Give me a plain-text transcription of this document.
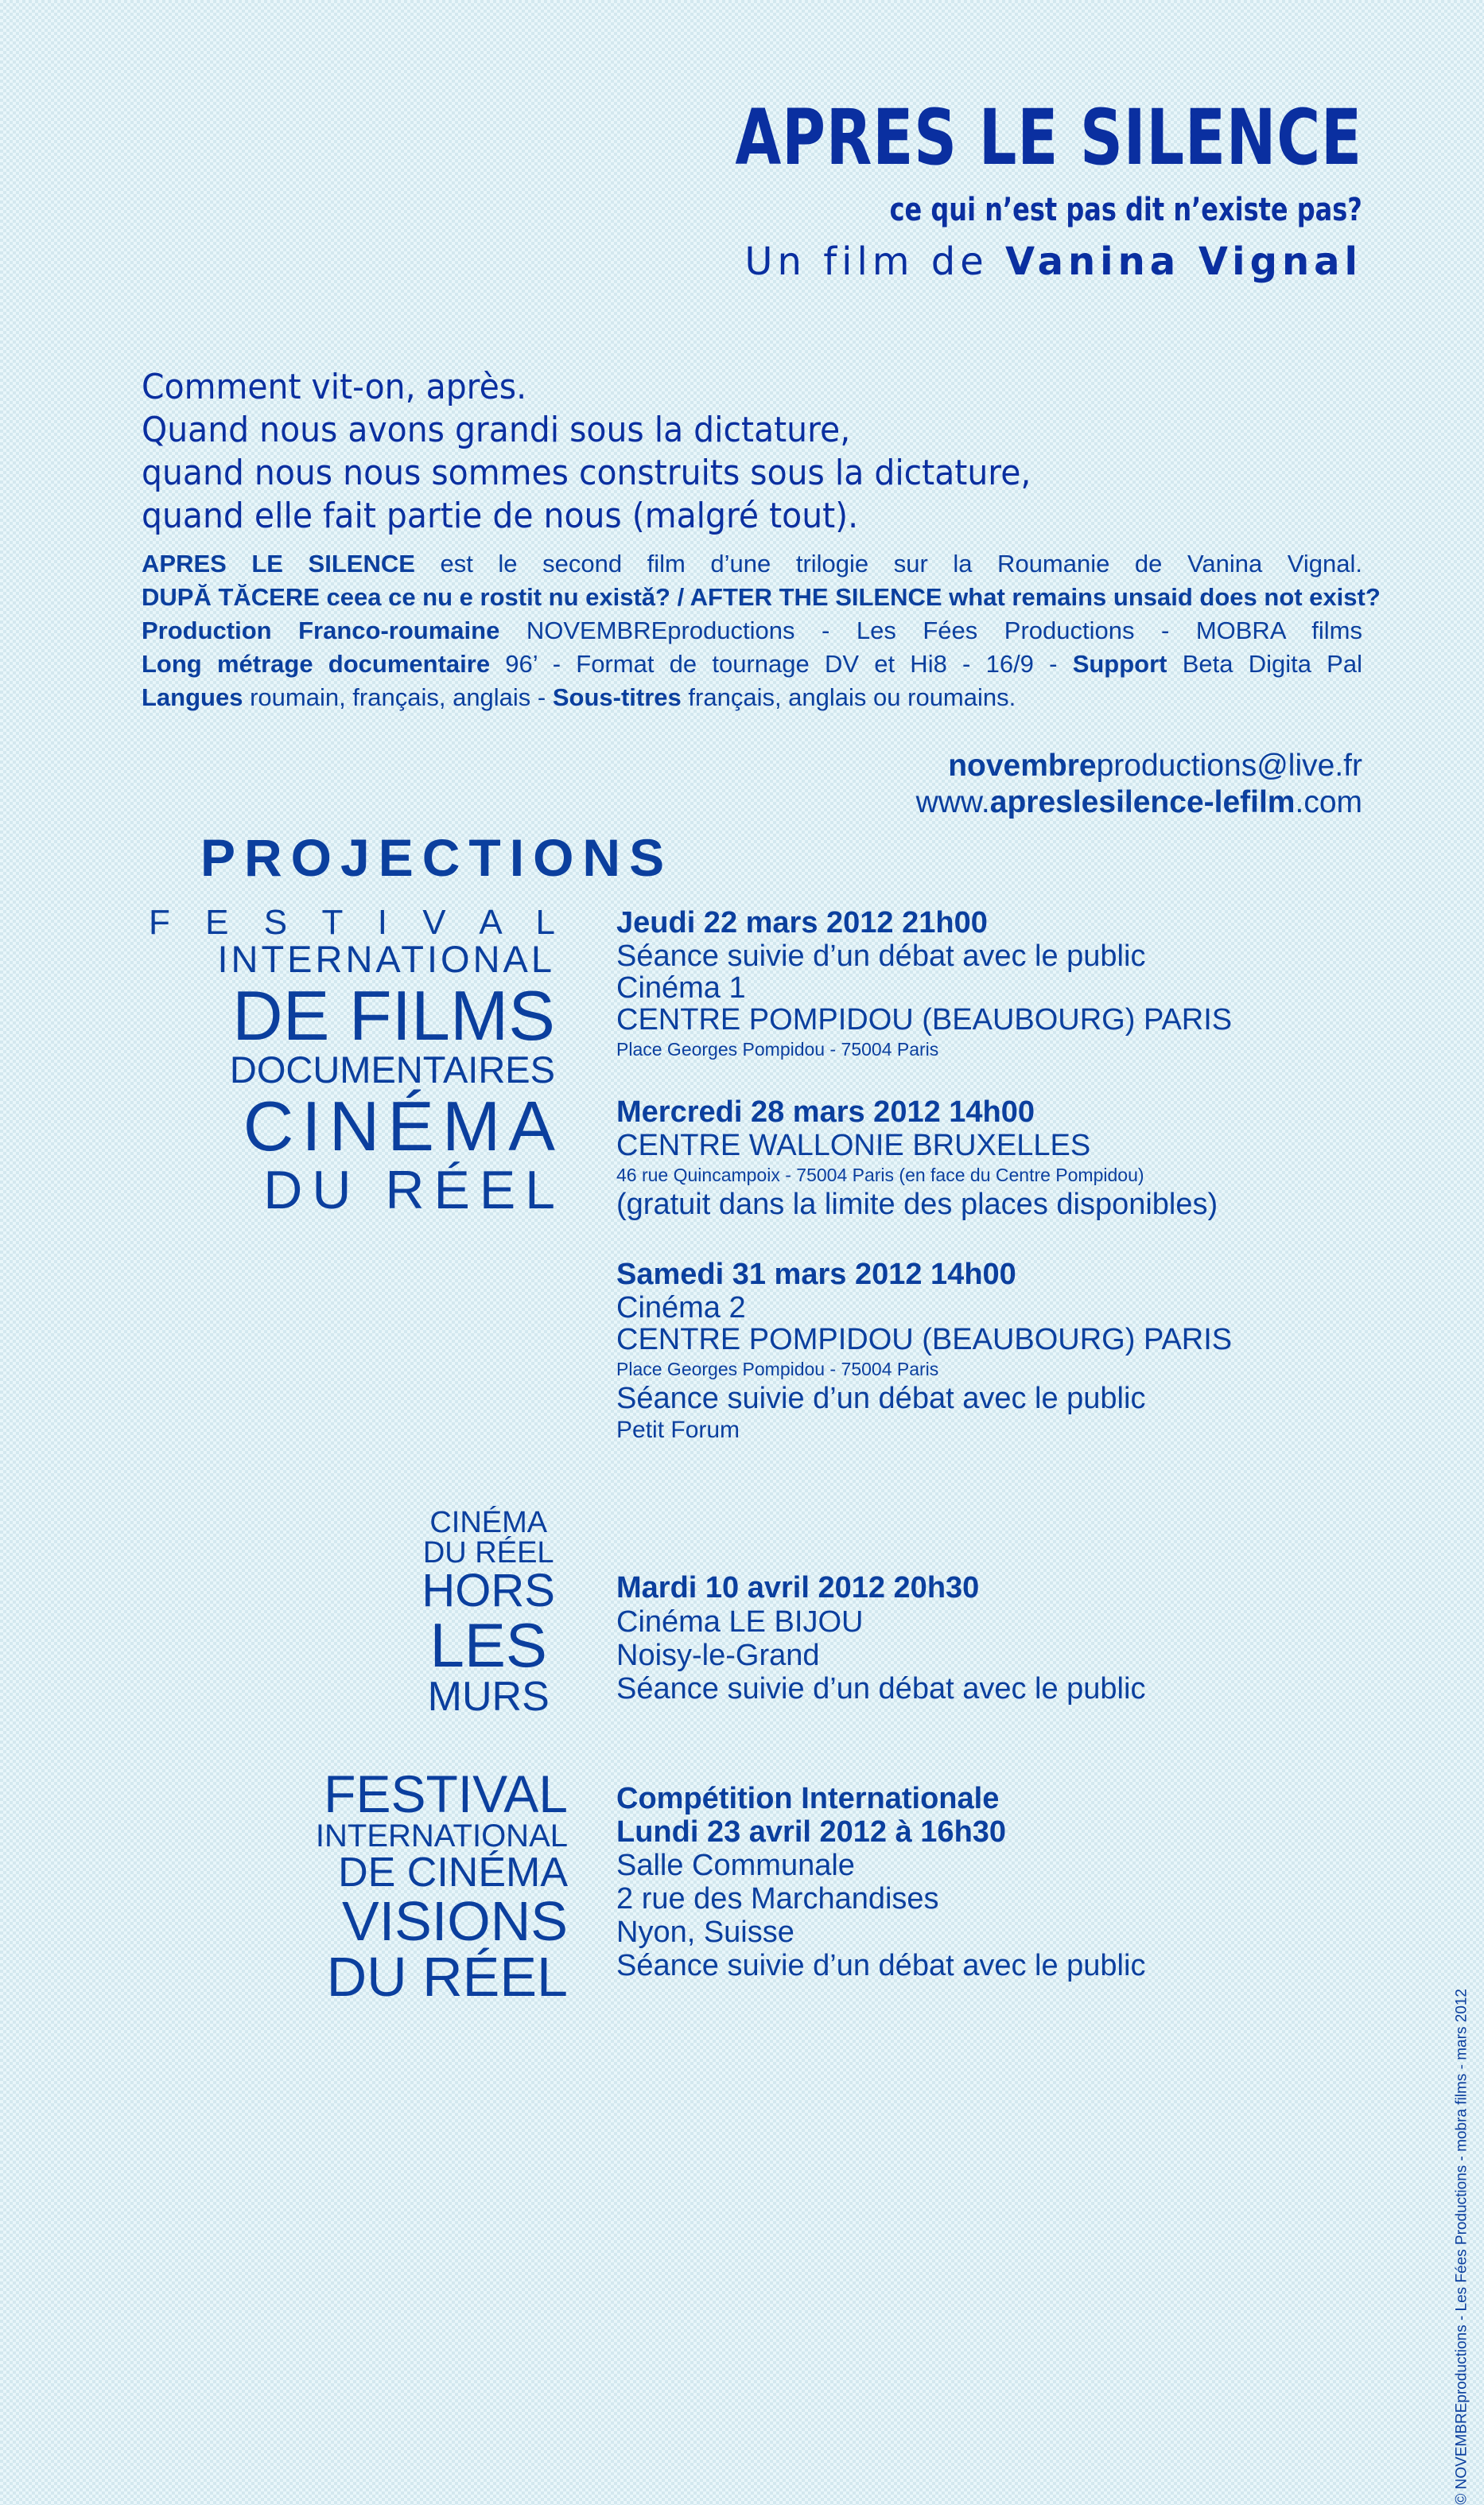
APRES LE SILENCE
ce qui n’est pas dit n’existe pas?
Un film de Vanina Vignal
Comment vit-on, après.
Quand nous avons grandi sous la dictature,
quand nous nous sommes construits sous la dictature,
quand elle fait partie de nous (malgré tout).
APRES LE SILENCE est le second film d’une trilogie sur la Roumanie de Vanina Vignal.
DUPĂ TĂCERE ceea ce nu e rostit nu existǎ? / AFTER THE SILENCE what remains unsaid does not exist?
Production Franco-roumaine NOVEMBREproductions - Les Fées Productions - MOBRA films
Long métrage documentaire 96’ - Format de tournage DV et Hi8 - 16/9 - Support Beta Digita Pal
Langues roumain, français, anglais - Sous-titres français, anglais ou roumains.
novembreproductions@live.fr
www.apreslesilence-lefilm.com
PROJECTIONS
F E S T I V A L
INTERNATIONAL
DE FILMS
DOCUMENTAIRES
CINÉMA
DU RÉEL
Jeudi 22 mars 2012 21h00
Séance suivie d’un débat avec le public
Cinéma 1
CENTRE POMPIDOU (BEAUBOURG) PARIS
Place Georges Pompidou - 75004 Paris
Mercredi 28 mars 2012 14h00
CENTRE WALLONIE BRUXELLES
46 rue Quincampoix - 75004 Paris (en face du Centre Pompidou)
(gratuit dans la limite des places disponibles)
Samedi 31 mars 2012 14h00
Cinéma 2
CENTRE POMPIDOU (BEAUBOURG) PARIS
Place Georges Pompidou - 75004 Paris
Séance suivie d’un débat avec le public
Petit Forum
CINÉMA
DU RÉEL
HORS
LES
MURS
Mardi 10 avril 2012 20h30
Cinéma LE BIJOU
Noisy-le-Grand
Séance suivie d’un débat avec le public
FESTIVAL
INTERNATIONAL
DE CINÉMA
VISIONS
DU RÉEL
Compétition Internationale
Lundi 23 avril 2012 à 16h30
Salle Communale
2 rue des Marchandises
Nyon, Suisse
Séance suivie d’un débat avec le public
© NOVEMBREproductions - Les Fées Productions - mobra films - mars 2012
